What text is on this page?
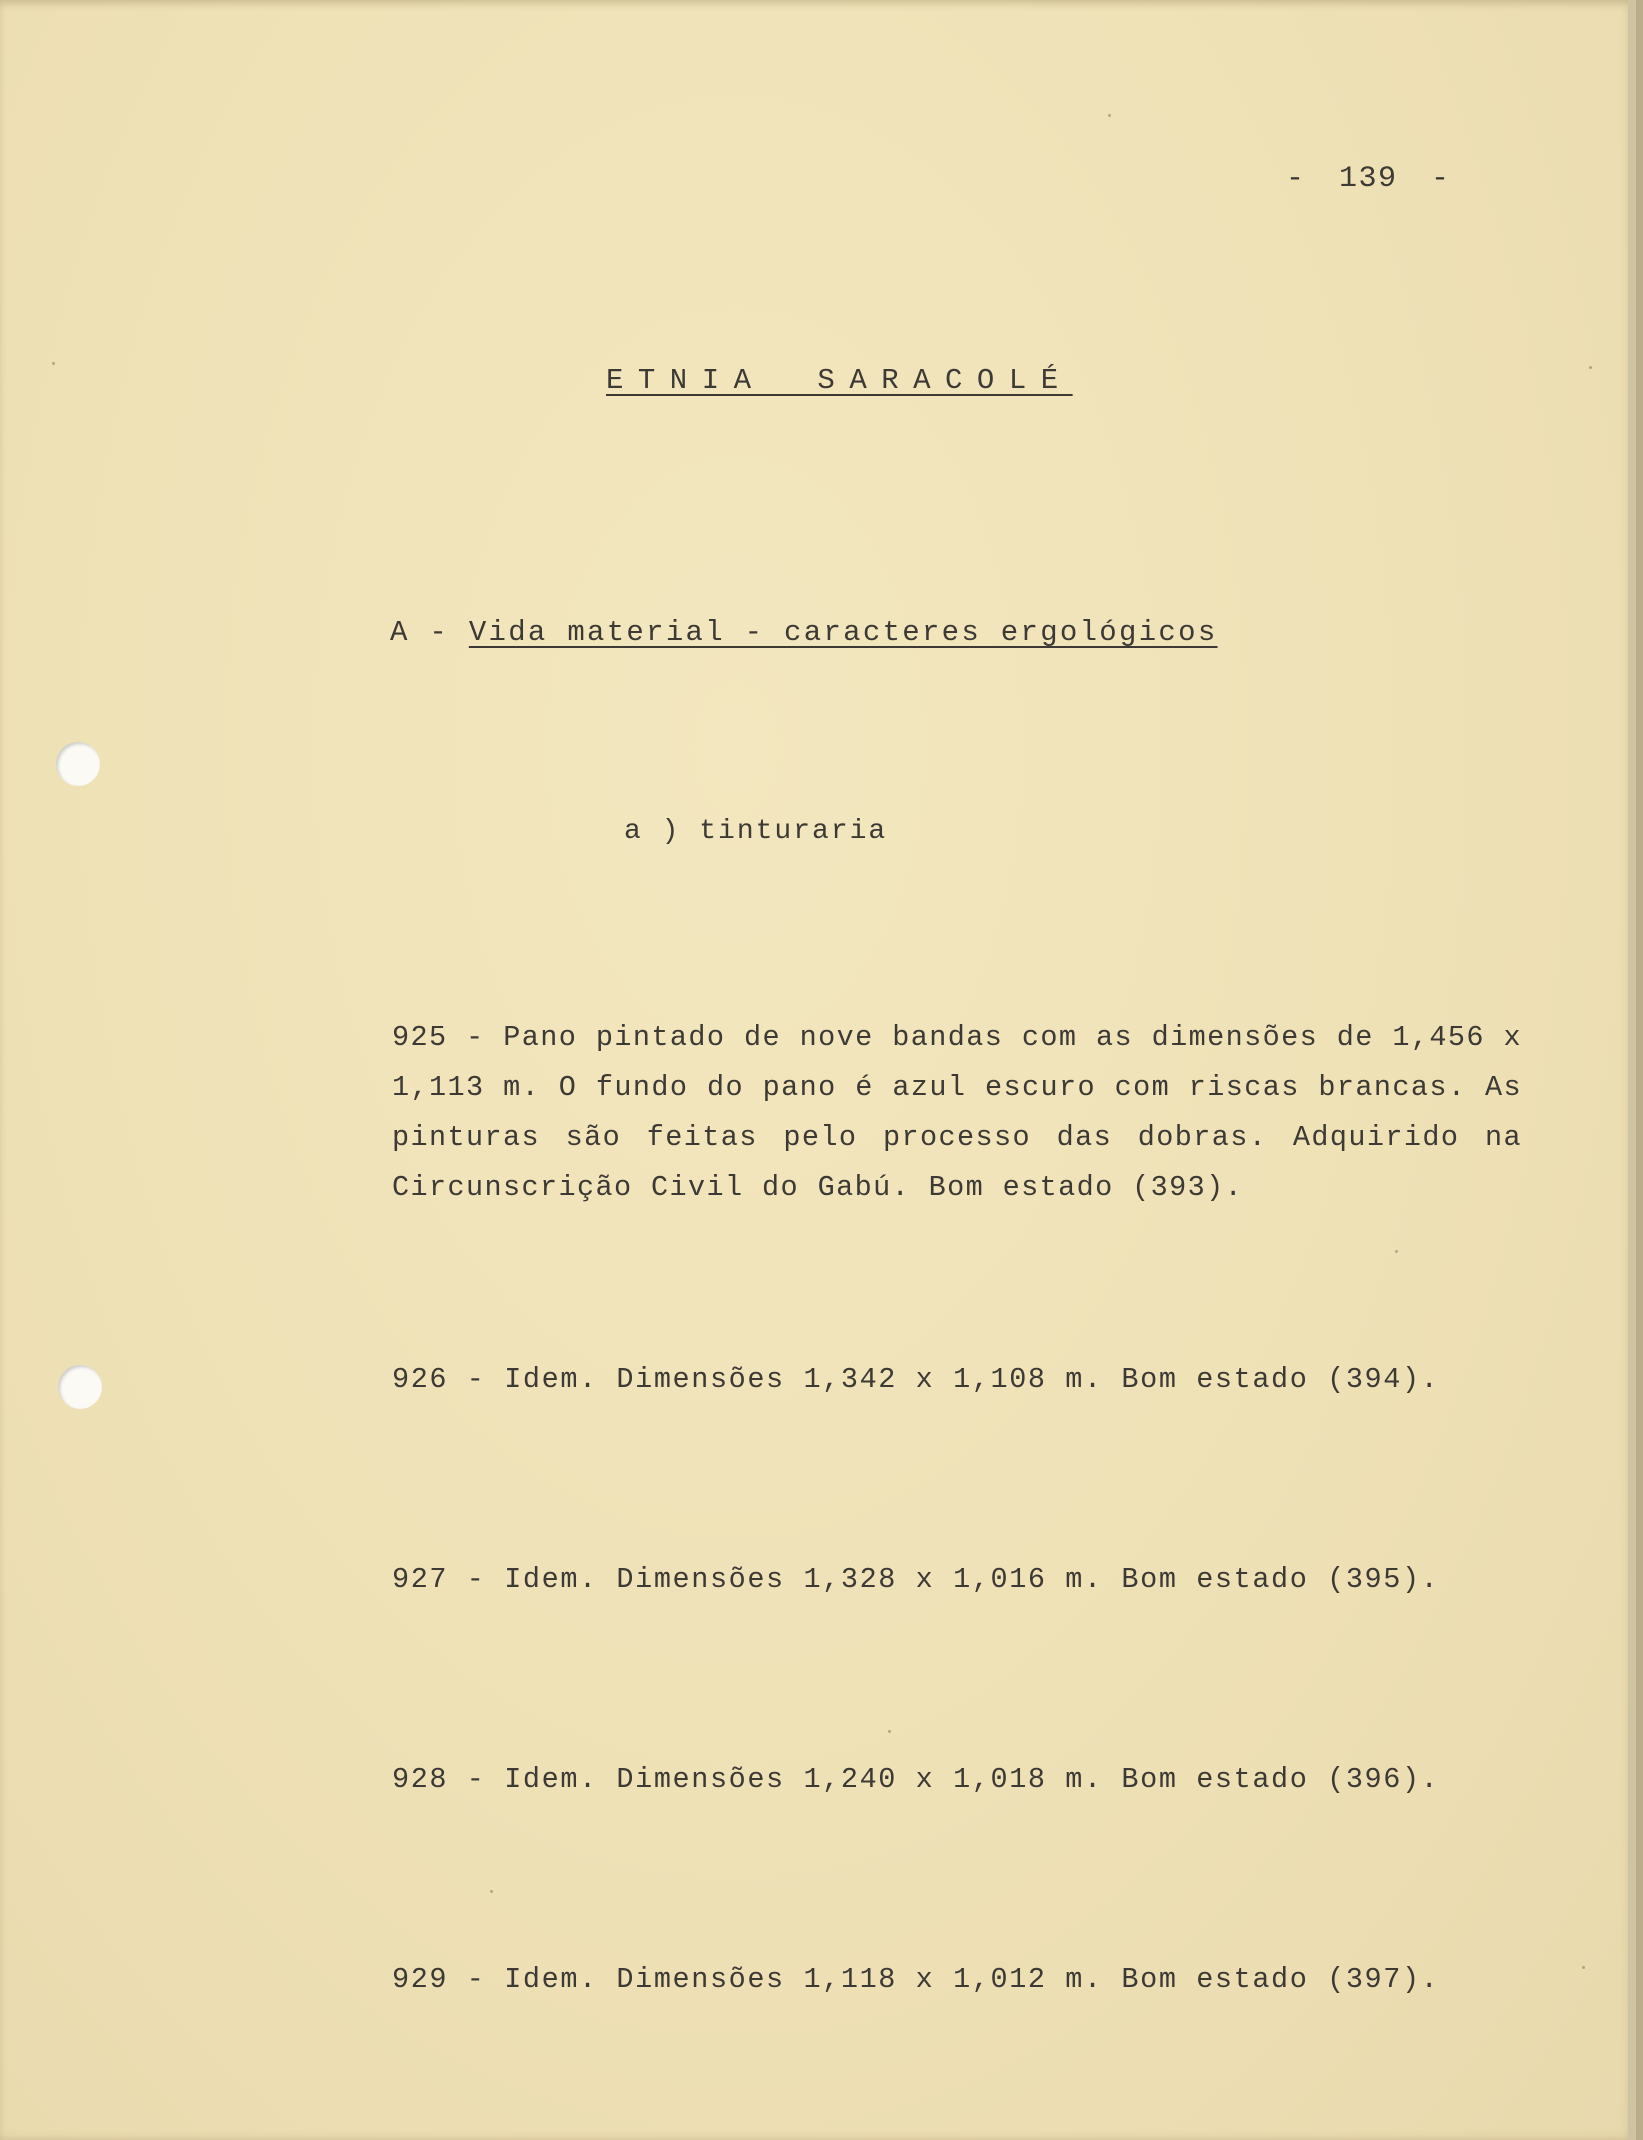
- 139 -
ETNIA SARACOLÉ
A - Vida material - caracteres ergológicos
a ) tinturaria
925 - Pano pintado de nove bandas com as dimensões de 1,456 x 1,113 m. O fundo do pano é azul escuro com riscas brancas. As pinturas são feitas pelo processo das dobras. Adquirido na Circunscrição Civil do Gabú. Bom estado (393).
926 - Idem. Dimensões 1,342 x 1,108 m. Bom estado (394).
927 - Idem. Dimensões 1,328 x 1,016 m. Bom estado (395).
928 - Idem. Dimensões 1,240 x 1,018 m. Bom estado (396).
929 - Idem. Dimensões 1,118 x 1,012 m. Bom estado (397).
